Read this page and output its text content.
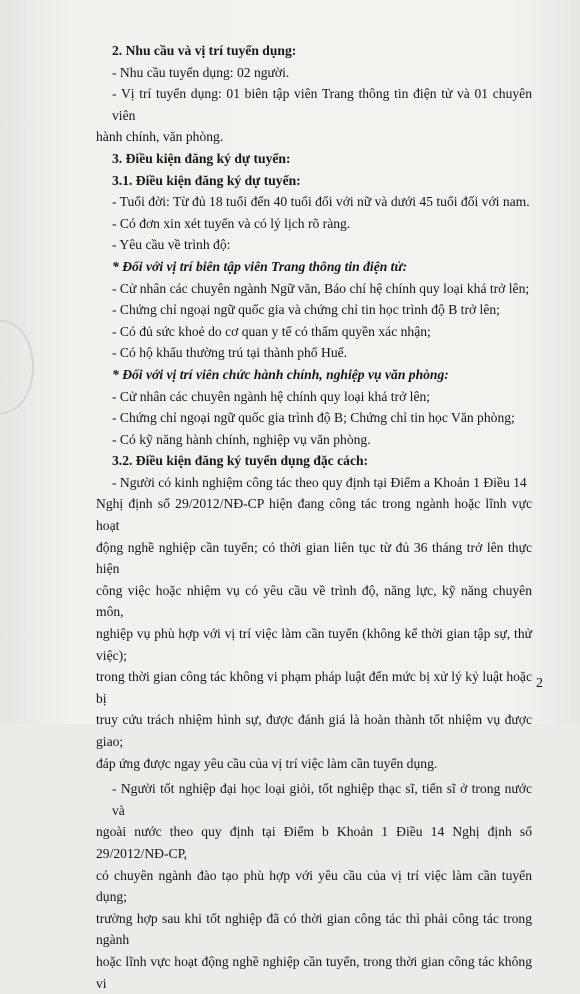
2. Nhu cầu và vị trí tuyển dụng:

- Nhu cầu tuyển dụng: 02 người.

- Vị trí tuyển dụng: 01 biên tập viên Trang thông tin điện tử và 01 chuyên viên

hành chính, văn phòng.

3. Điều kiện đăng ký dự tuyển:

3.1. Điều kiện đăng ký dự tuyển:

- Tuổi đời: Từ đủ 18 tuổi đến 40 tuổi đối với nữ và dưới 45 tuổi đối với nam.

- Có đơn xin xét tuyển và có lý lịch rõ ràng.

- Yêu cầu về trình độ:

* Đối với vị trí biên tập viên Trang thông tin điện tử:

- Cử nhân các chuyên ngành Ngữ văn, Báo chí hệ chính quy loại khá trở lên;

- Chứng chỉ ngoại ngữ quốc gia và chứng chỉ tin học trình độ B trở lên;

- Có đủ sức khoẻ do cơ quan y tế có thẩm quyền xác nhận;

- Có hộ khẩu thường trú tại thành phố Huế.

* Đối với vị trí viên chức hành chính, nghiệp vụ văn phòng:

- Cử nhân các chuyên ngành hệ chính quy loại khá trở lên;

- Chứng chỉ ngoại ngữ quốc gia trình độ B; Chứng chỉ tin học Văn phòng;

- Có kỹ năng hành chính, nghiệp vụ văn phòng.

3.2. Điều kiện đăng ký tuyển dụng đặc cách:

- Người có kinh nghiệm công tác theo quy định tại Điểm a Khoản 1 Điều 14

Nghị định số 29/2012/NĐ-CP hiện đang công tác trong ngành hoặc lĩnh vực hoạt

động nghề nghiệp cần tuyển; có thời gian liên tục từ đủ 36 tháng trở lên thực hiện

công việc hoặc nhiệm vụ có yêu cầu về trình độ, năng lực, kỹ năng chuyên môn,

nghiệp vụ phù hợp với vị trí việc làm cần tuyển (không kể thời gian tập sự, thử việc);

trong thời gian công tác không vi phạm pháp luật đến mức bị xử lý kỷ luật hoặc bị

truy cứu trách nhiệm hình sự, được đánh giá là hoàn thành tốt nhiệm vụ được giao;

đáp ứng được ngay yêu cầu của vị trí việc làm cần tuyển dụng.

- Người tốt nghiệp đại học loại giỏi, tốt nghiệp thạc sĩ, tiến sĩ ở trong nước và

ngoài nước theo quy định tại Điểm b Khoản 1 Điều 14 Nghị định số 29/2012/NĐ-CP,

có chuyên ngành đào tạo phù hợp với yêu cầu của vị trí việc làm cần tuyển dụng;

trường hợp sau khi tốt nghiệp đã có thời gian công tác thì phải công tác trong ngành

hoặc lĩnh vực hoạt động nghề nghiệp cần tuyển, trong thời gian công tác không vi

2
